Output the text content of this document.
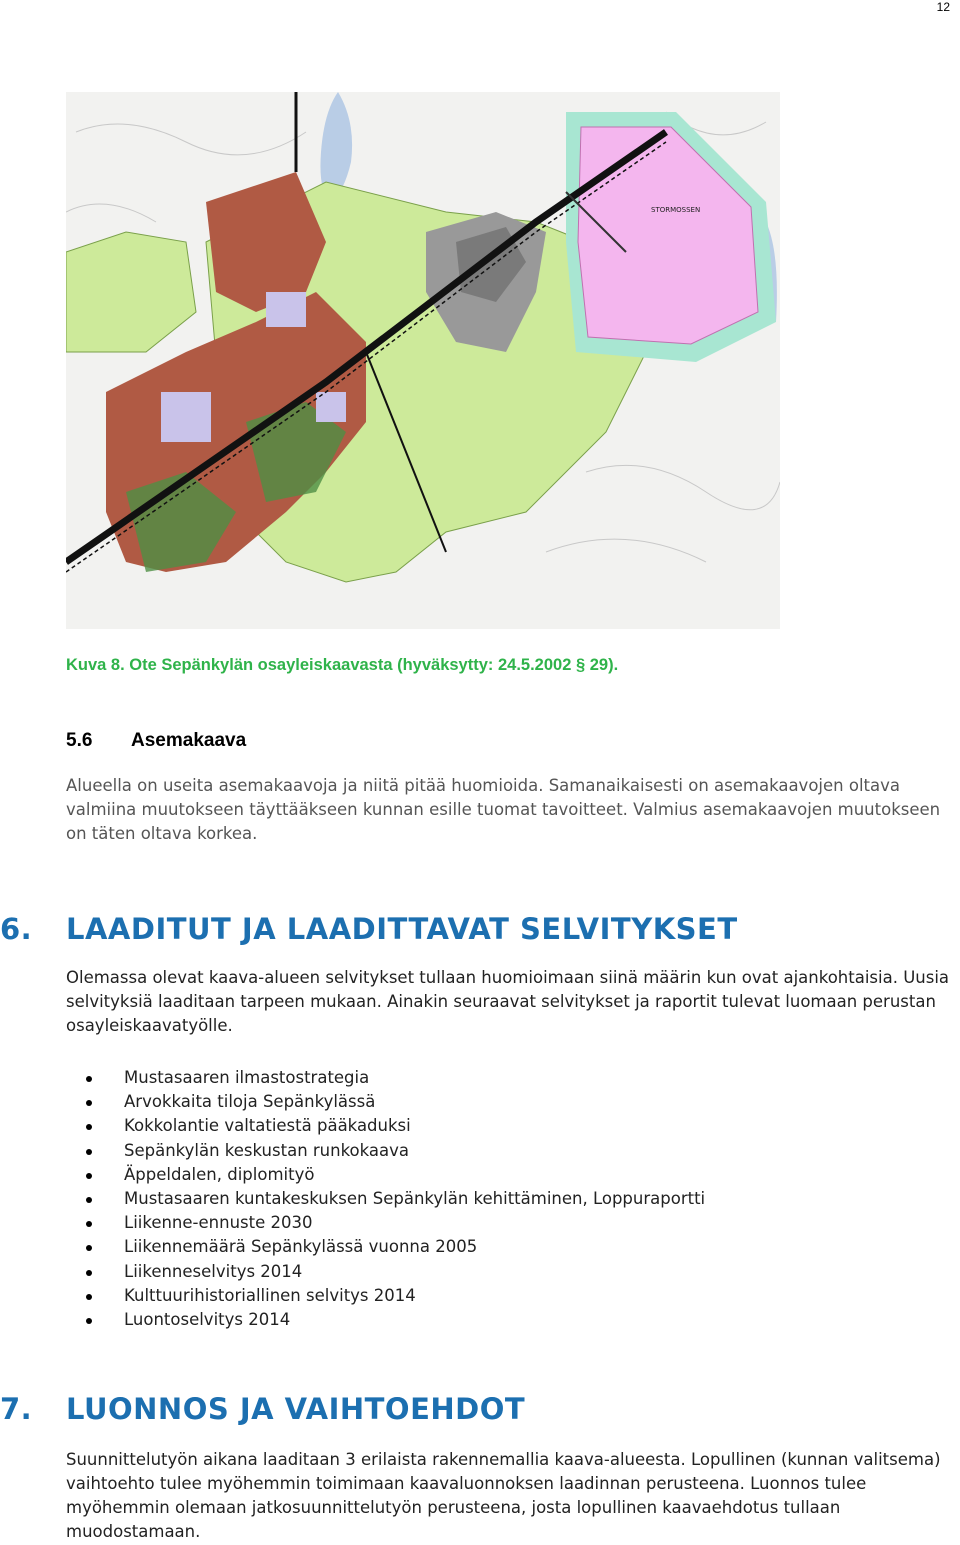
12
STORMOSSEN
Kuva 8. Ote Sepänkylän osayleiskaavasta (hyväksytty: 24.5.2002 § 29).
5.6 Asemakaava
Alueella on useita asemakaavoja ja niitä pitää huomioida. Samanaikaisesti on asemakaavojen oltava valmiina muutokseen täyttääkseen kunnan esille tuomat tavoitteet. Valmius asemakaavojen muutokseen on täten oltava korkea.
6. LAADITUT JA LAADITTAVAT SELVITYKSET
Olemassa olevat kaava-alueen selvitykset tullaan huomioimaan siinä määrin kun ovat ajankohtaisia. Uusia selvityksiä laaditaan tarpeen mukaan. Ainakin seuraavat selvitykset ja raportit tulevat luomaan perustan osayleiskaavatyölle.
Mustasaaren ilmastostrategia
Arvokkaita tiloja Sepänkylässä
Kokkolantie valtatiestä pääkaduksi
Sepänkylän keskustan runkokaava
Äppeldalen, diplomityö
Mustasaaren kuntakeskuksen Sepänkylän kehittäminen, Loppuraportti
Liikenne-ennuste 2030
Liikennemäärä Sepänkylässä vuonna 2005
Liikenneselvitys 2014
Kulttuurihistoriallinen selvitys 2014
Luontoselvitys 2014
7. LUONNOS JA VAIHTOEHDOT
Suunnittelutyön aikana laaditaan 3 erilaista rakennemallia kaava-alueesta. Lopullinen (kunnan valitsema) vaihtoehto tulee myöhemmin toimimaan kaavaluonnoksen laadinnan perusteena. Luonnos tulee myöhemmin olemaan jatkosuunnittelutyön perusteena, josta lopullinen kaavaehdotus tullaan muodostamaan.
